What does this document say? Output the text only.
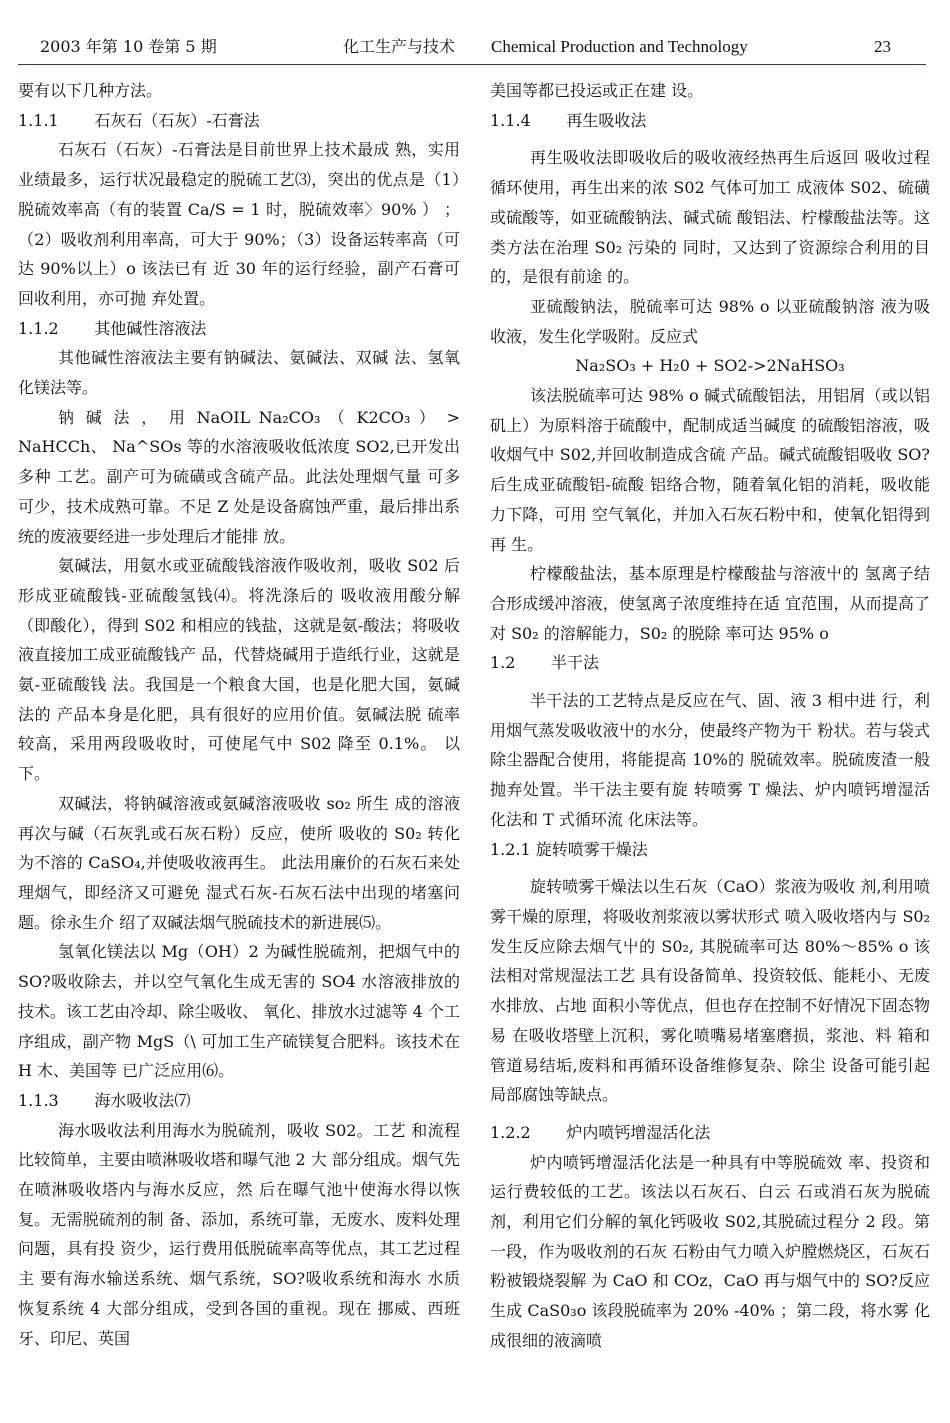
2003 年第 10 卷第 5 期	化工生产与技术 Chemical Production and Technology	23

要有以下几种方法。

1.1.1       石灰石（石灰）-石膏法

石灰石（石灰）-石膏法是目前世界上技术最成 熟，实用业绩最多，运行状况最稳定的脱硫工艺⑶，突出的优点是（1）脱硫效率高（有的装置 Ca/S = 1 时，脱硫效率〉90% ） ；（2）吸收剂利用率高，可大于 90%；（3）设备运转率高（可达 90%以上）o 该法已有 近 30 年的运行经验，副产石膏可回收利用，亦可抛 弃处置。

1.1.2       其他碱性溶液法

其他碱性溶液法主要有钠碱法、氨碱法、双碱 法、氢氧化镁法等。

钠 碱 法 ， 用 NaOIL Na₂CO₃ （ K2CO₃ ） > NaHCCh、 Na^SOs 等的水溶液吸收低浓度 SO2,已开发出多种 工艺。副产可为硫磺或含硫产品。此法处理烟气量 可多可少，技术成熟可靠。不足 Z 处是设备腐蚀严重，最后排出系统的废液要经进一步处理后才能排 放。

氨碱法，用氨水或亚硫酸钱溶液作吸收剂，吸收 S02 后形成亚硫酸钱-亚硫酸氢钱⑷。将洗涤后的 吸收液用酸分解（即酸化），得到 S02 和相应的钱盐，这就是氨-酸法；将吸收液直接加工成亚硫酸钱产 品，代替烧碱用于造纸行业，这就是氨-亚硫酸钱 法。我国是一个粮食大国，也是化肥大国，氨碱法的 产品本身是化肥，具有很好的应用价值。氨碱法脱 硫率较高，采用两段吸收时，可使尾气中 S02 降至 0.1%。 以下。

双碱法，将钠碱溶液或氨碱溶液吸收 so₂ 所生 成的溶液再次与碱（石灰乳或石灰石粉）反应，使所 吸收的 S0₂ 转化为不溶的 CaSO₄,并使吸收液再生。 此法用廉价的石灰石来处理烟气，即经济又可避免 湿式石灰-石灰石法中出现的堵塞问题。徐永生介 绍了双碱法烟气脱硫技术的新进展⑸。

氢氧化镁法以 Mg（OH）2 为碱性脱硫剂，把烟气中的 SO?吸收除去，并以空气氧化生成无害的 SO4 水溶液排放的技术。该工艺由冷却、除尘吸收、 氧化、排放水过滤等 4 个工序组成，副产物 MgS（\ 可加工生产硫镁复合肥料。该技术在 H 木、美国等 已广泛应用⑹。

1.1.3       海水吸收法⑺

海水吸收法利用海水为脱硫剂，吸收 S02。工艺 和流程比较简单，主要由喷淋吸收塔和曝气池 2 大 部分组成。烟气先在喷淋吸收塔内与海水反应，然 后在曝气池屮使海水得以恢复。无需脱硫剂的制 备、添加，系统可靠，无废水、废料处理问题，具有投 资少，运行费用低脱硫率高等优点，其工艺过程主 要有海水输送系统、烟气系统，SO?吸收系统和海水 水质恢复系统 4 大部分组成，受到各国的重视。现在 挪威、西班牙、印尼、英国

美国等都已投运或正在建 设。

1.1.4       再生吸收法

再生吸收法即吸收后的吸收液经热再生后返回 吸收过程循环使用，再生出来的浓 S02 气体可加工 成液体 S02、硫磺或硫酸等，如亚硫酸钠法、碱式硫 酸铝法、柠檬酸盐法等。这类方法在治理 S0₂ 污染的 同时，又达到了资源综合利用的目的，是很有前途 的。

亚硫酸钠法，脱硫率可达 98% o 以亚硫酸钠溶 液为吸收液，发生化学吸附。反应式

Na₂SO₃ + H₂0 + SO2->2NaHSO₃

该法脱硫率可达 98% o 碱式硫酸铝法，用铝屑（或以铝矶上）为原料溶于硫酸中，配制成适当碱度 的硫酸铝溶液，吸收烟气中 S02,并回收制造成含硫 产品。碱式硫酸铝吸收 SO?后生成亚硫酸铝-硫酸 铝络合物，随着氧化铝的消耗，吸收能力下降，可用 空气氧化，并加入石灰石粉中和，使氧化铝得到再 生。

柠檬酸盐法，基本原理是柠檬酸盐与溶液屮的 氢离子结合形成缓冲溶液，使氢离子浓度维持在适 宜范围，从而提高了对 S0₂ 的溶解能力，S0₂ 的脱除 率可达 95% o

1.2       半干法

半干法的工艺特点是反应在气、固、液 3 相中进 行，利用烟气蒸发吸收液屮的水分，使最终产物为干 粉状。若与袋式除尘器配合使用，将能提高 10%的 脱硫效率。脱硫废渣一般抛弃处置。半干法主要有旋 转喷雾 T 燥法、炉内喷钙增湿活化法和 T 式循环流 化床法等。

1.2.1 旋转喷雾干燥法

旋转喷雾干燥法以生石灰（CaO）浆液为吸收 剂,利用喷雾干燥的原理，将吸收剂浆液以雾状形式 喷入吸收塔内与 S0₂ 发生反应除去烟气屮的 S0₂, 其脱硫率可达 80%〜85% o 该法相对常规湿法工艺 具有设备简单、投资较低、能耗小、无废水排放、占地 面积小等优点，但也存在控制不好情况下固态物易 在吸收塔壁上沉积，雾化喷嘴易堵塞磨损，浆池、料 箱和管道易结垢,废料和再循环设备维修复杂、除尘 设备可能引起局部腐蚀等缺点。

1.2.2       炉内喷钙增湿活化法

炉内喷钙增湿活化法是一种具有中等脱硫效 率、投资和运行费较低的工艺。该法以石灰石、白云 石或消石灰为脱硫剂，利用它们分解的氧化钙吸收 S02,其脱硫过程分 2 段。第一段，作为吸收剂的石灰 石粉由气力喷入炉膛燃烧区，石灰石粉被锻烧裂解 为 CaO 和 COz，CaO 再与烟气中的 SO?反应生成 CaS0₃o 该段脱硫率为 20% -40% ；第二段，将水雾 化成很细的液滴喷
